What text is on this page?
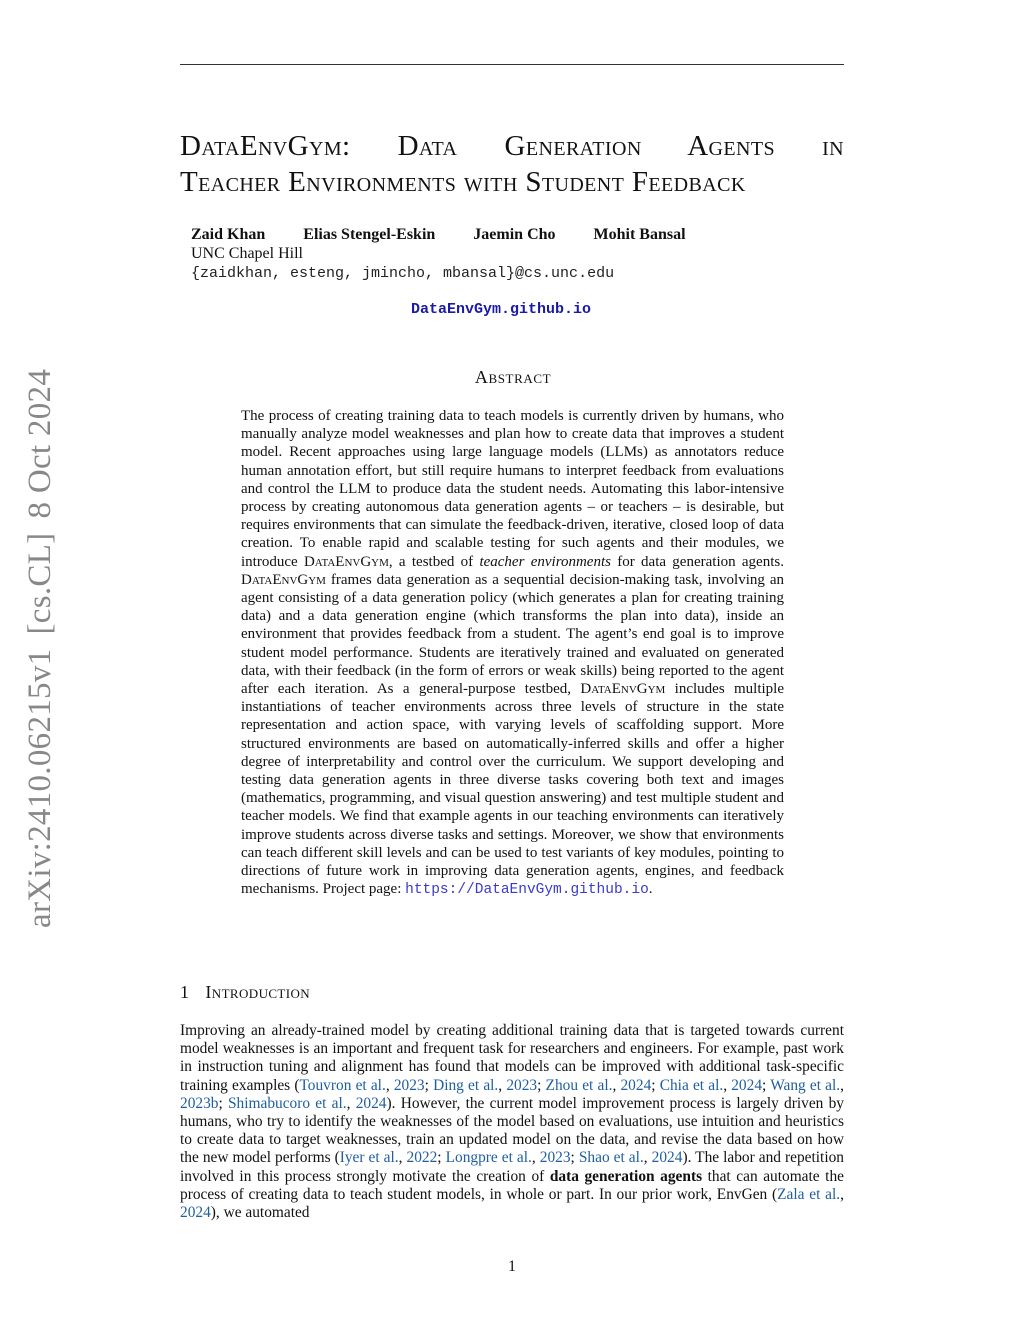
DataEnvGym: Data Generation Agents in
Teacher Environments with Student Feedback
Zaid Khan Elias Stengel-Eskin Jaemin Cho Mohit Bansal
UNC Chapel Hill
{zaidkhan, esteng, jmincho, mbansal}@cs.unc.edu
DataEnvGym.github.io
Abstract
The process of creating training data to teach models is currently driven by humans, who manually analyze model weaknesses and plan how to create data that improves a student model. Recent approaches using large language models (LLMs) as annotators reduce human annotation effort, but still require humans to interpret feedback from evaluations and control the LLM to produce data the student needs. Automating this labor-intensive process by creating autonomous data generation agents – or teachers – is desirable, but requires environments that can simulate the feedback-driven, iterative, closed loop of data creation. To enable rapid and scalable testing for such agents and their modules, we introduce DataEnvGym, a testbed of teacher environments for data generation agents. DataEnvGym frames data generation as a sequential decision-making task, involving an agent consisting of a data generation policy (which generates a plan for creating training data) and a data generation engine (which transforms the plan into data), inside an environment that provides feedback from a student. The agent’s end goal is to improve student model performance. Students are iteratively trained and evaluated on generated data, with their feedback (in the form of errors or weak skills) being reported to the agent after each iteration. As a general-purpose testbed, DataEnvGym includes multiple instantiations of teacher environments across three levels of structure in the state representation and action space, with varying levels of scaffolding support. More structured environments are based on automatically-inferred skills and offer a higher degree of interpretability and control over the curriculum. We support developing and testing data generation agents in three diverse tasks covering both text and images (mathematics, programming, and visual question answering) and test multiple student and teacher models. We find that example agents in our teaching environments can iteratively improve students across diverse tasks and settings. Moreover, we show that environments can teach different skill levels and can be used to test variants of key modules, pointing to directions of future work in improving data generation agents, engines, and feedback mechanisms. Project page: https://DataEnvGym.github.io.
arXiv:2410.06215v1[cs.CL]8 Oct 2024
1 Introduction
Improving an already-trained model by creating additional training data that is targeted towards current model weaknesses is an important and frequent task for researchers and engineers. For example, past work in instruction tuning and alignment has found that models can be improved with additional task-specific training examples (Touvron et al., 2023; Ding et al., 2023; Zhou et al., 2024; Chia et al., 2024; Wang et al., 2023b; Shimabucoro et al., 2024). However, the current model improvement process is largely driven by humans, who try to identify the weaknesses of the model based on evaluations, use intuition and heuristics to create data to target weaknesses, train an updated model on the data, and revise the data based on how the new model performs (Iyer et al., 2022; Longpre et al., 2023; Shao et al., 2024). The labor and repetition involved in this process strongly motivate the creation of data generation agents that can automate the process of creating data to teach student models, in whole or part. In our prior work, EnvGen (Zala et al., 2024), we automated
1
